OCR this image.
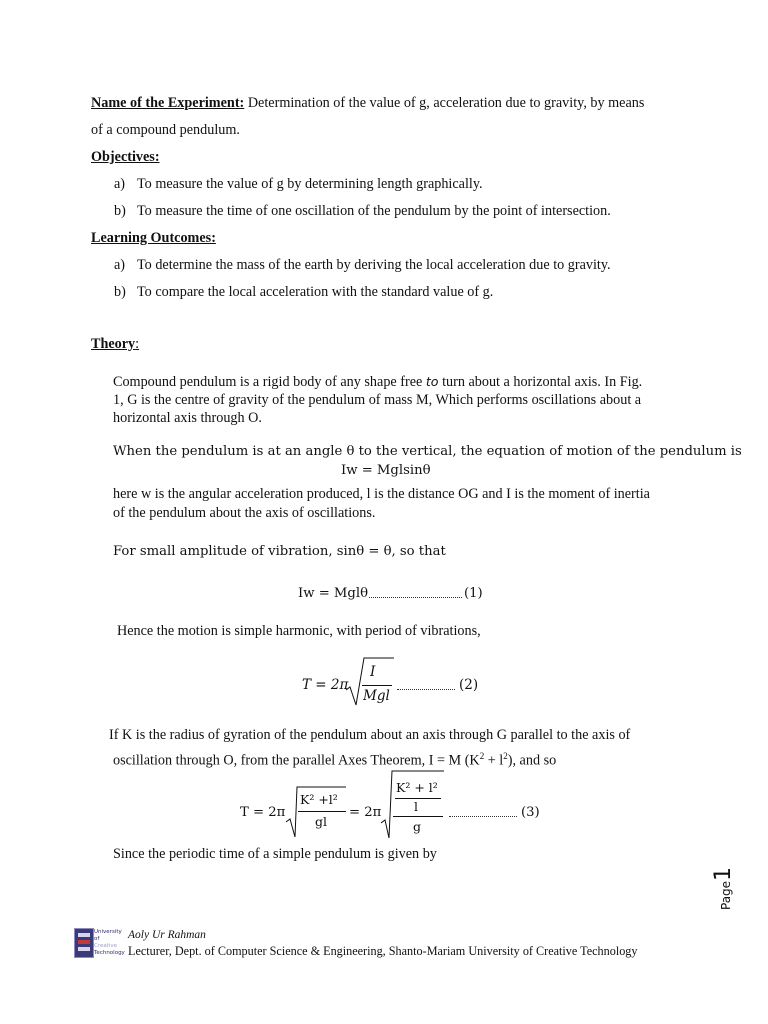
Name of the Experiment: Determination of the value of g, acceleration due to gravity, by means
of a compound pendulum.
Objectives:
a) To measure the value of g by determining length graphically.
b) To measure the time of one oscillation of the pendulum by the point of intersection.
Learning Outcomes:
a) To determine the mass of the earth by deriving the local acceleration due to gravity.
b) To compare the local acceleration with the standard value of g.
Theory:
Compound pendulum is a rigid body of any shape free to turn about a horizontal axis. In Fig.
1, G is the centre of gravity of the pendulum of mass M, Which performs oscillations about a
horizontal axis through O.
When the pendulum is at an angle θ to the vertical, the equation of motion of the pendulum is
Iw = Mglsinθ
here w is the angular acceleration produced, l is the distance OG and I is the moment of inertia
of the pendulum about the axis of oscillations.
For small amplitude of vibration, sinθ = θ, so that
Iw = Mglθ	(1)
Hence the motion is simple harmonic, with period of vibrations,
T = 2π
I
Mgl
(2)
If K is the radius of gyration of the pendulum about an axis through G parallel to the axis of
oscillation through O, from the parallel Axes Theorem, I = M $(K^2 + l^2)$, and so
T = 2π
K² +l²
gl
= 2π
K² + l²
l
g
(3)
Since the periodic time of a simple pendulum is given by
Page1
University of
Creative
Technology
Aoly Ur Rahman
Lecturer, Dept. of Computer Science & Engineering, Shanto-Mariam University of Creative Technology
